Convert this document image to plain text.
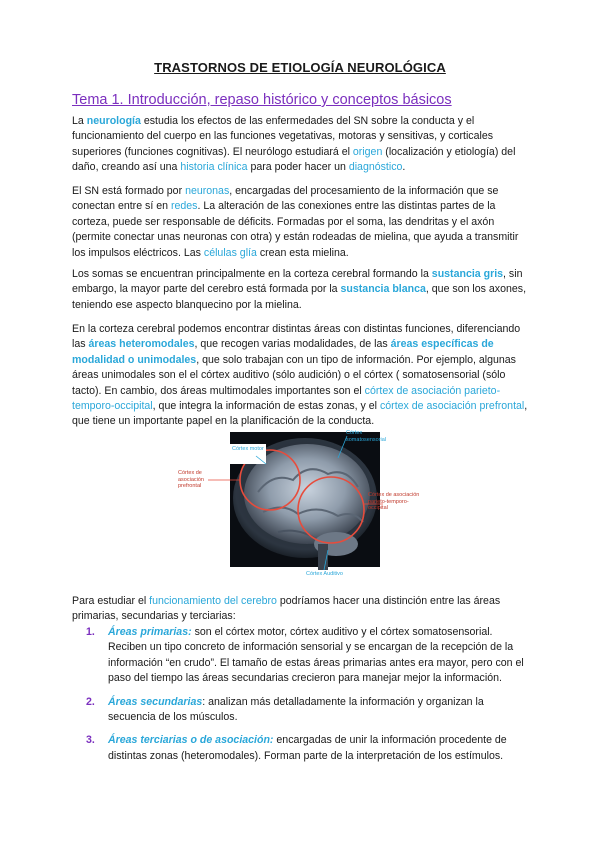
TRASTORNOS DE ETIOLOGÍA NEUROLÓGICA
Tema 1. Introducción, repaso histórico y conceptos básicos

La neurología estudia los efectos de las enfermedades del SN sobre la conducta y el funcionamiento del cuerpo en las funciones vegetativas, motoras y sensitivas, y corticales superiores (funciones cognitivas). El neurólogo estudiará el origen (localización y etiología) del daño, creando así una historia clínica para poder hacer un diagnóstico.

El SN está formado por neuronas, encargadas del procesamiento de la información que se conectan entre sí en redes. La alteración de las conexiones entre las distintas partes de la corteza, puede ser responsable de déficits. Formadas por el soma, las dendritas y el axón (permite conectar unas neuronas con otra) y están rodeadas de mielina, que ayuda a transmitir los impulsos eléctricos. Las células glía crean esta mielina.

Los somas se encuentran principalmente en la corteza cerebral formando la sustancia gris, sin embargo, la mayor parte del cerebro está formada por la sustancia blanca, que son los axones, teniendo ese aspecto blanquecino por la mielina.

En la corteza cerebral podemos encontrar distintas áreas con distintas funciones, diferenciando las áreas heteromodales, que recogen varias modalidades, de las áreas específicas de modalidad o unimodales, que solo trabajan con un tipo de información. Por ejemplo, algunas áreas unimodales son el el córtex auditivo (sólo audición) o el córtex ( somatosensorial (sólo tacto). En cambio, dos áreas multimodales importantes son el córtex de asociación parieto-temporo-occipital, que integra la información de estas zonas, y el córtex de asociación prefrontal, que tiene un importante papel en la planificación de la conducta.

Córtex motor
Córtex somatosensorial
Córtex de asociación prefrontal
Córtex de asociación parieto-temporo-occipital
Córtex Auditivo

Para estudiar el funcionamiento del cerebro podríamos hacer una distinción entre las áreas primarias, secundarias y terciarias:

1. Áreas primarias: son el córtex motor, córtex auditivo y el córtex somatosensorial. Reciben un tipo concreto de información sensorial y se encargan de la recepción de la información “en crudo”. El tamaño de estas áreas primarias antes era mayor, pero con el paso del tiempo las áreas secundarias crecieron para manejar mejor la información.
2. Áreas secundarias: analizan más detalladamente la información y organizan la secuencia de los músculos.
3. Áreas terciarias o de asociación: encargadas de unir la información procedente de distintas zonas (heteromodales). Forman parte de la interpretación de los estímulos.
